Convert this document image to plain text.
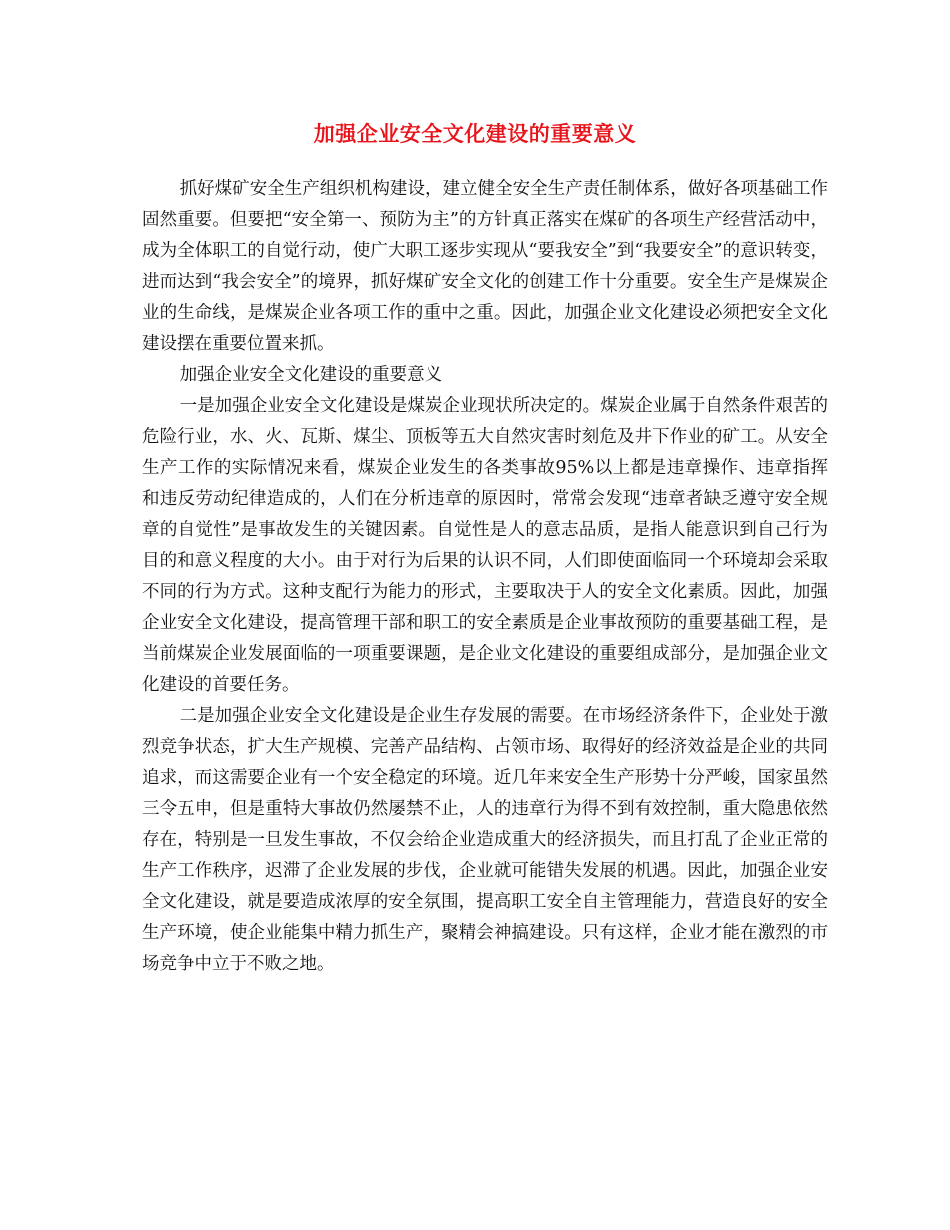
加强企业安全文化建设的重要意义

抓好煤矿安全生产组织机构建设，建立健全安全生产责任制体系，做好各项基础工作固然重要。但要把“安全第一、预防为主”的方针真正落实在煤矿的各项生产经营活动中，成为全体职工的自觉行动，使广大职工逐步实现从“要我安全”到“我要安全”的意识转变，进而达到“我会安全”的境界，抓好煤矿安全文化的创建工作十分重要。安全生产是煤炭企业的生命线，是煤炭企业各项工作的重中之重。因此，加强企业文化建设必须把安全文化建设摆在重要位置来抓。

加强企业安全文化建设的重要意义

一是加强企业安全文化建设是煤炭企业现状所决定的。煤炭企业属于自然条件艰苦的危险行业，水、火、瓦斯、煤尘、顶板等五大自然灾害时刻危及井下作业的矿工。从安全生产工作的实际情况来看，煤炭企业发生的各类事故95%以上都是违章操作、违章指挥和违反劳动纪律造成的，人们在分析违章的原因时，常常会发现“违章者缺乏遵守安全规章的自觉性”是事故发生的关键因素。自觉性是人的意志品质，是指人能意识到自己行为目的和意义程度的大小。由于对行为后果的认识不同，人们即使面临同一个环境却会采取不同的行为方式。这种支配行为能力的形式，主要取决于人的安全文化素质。因此，加强企业安全文化建设，提高管理干部和职工的安全素质是企业事故预防的重要基础工程，是当前煤炭企业发展面临的一项重要课题，是企业文化建设的重要组成部分，是加强企业文化建设的首要任务。

二是加强企业安全文化建设是企业生存发展的需要。在市场经济条件下，企业处于激烈竞争状态，扩大生产规模、完善产品结构、占领市场、取得好的经济效益是企业的共同追求，而这需要企业有一个安全稳定的环境。近几年来安全生产形势十分严峻，国家虽然三令五申，但是重特大事故仍然屡禁不止，人的违章行为得不到有效控制，重大隐患依然存在，特别是一旦发生事故，不仅会给企业造成重大的经济损失，而且打乱了企业正常的生产工作秩序，迟滞了企业发展的步伐，企业就可能错失发展的机遇。因此，加强企业安全文化建设，就是要造成浓厚的安全氛围，提高职工安全自主管理能力，营造良好的安全生产环境，使企业能集中精力抓生产，聚精会神搞建设。只有这样，企业才能在激烈的市场竞争中立于不败之地。
